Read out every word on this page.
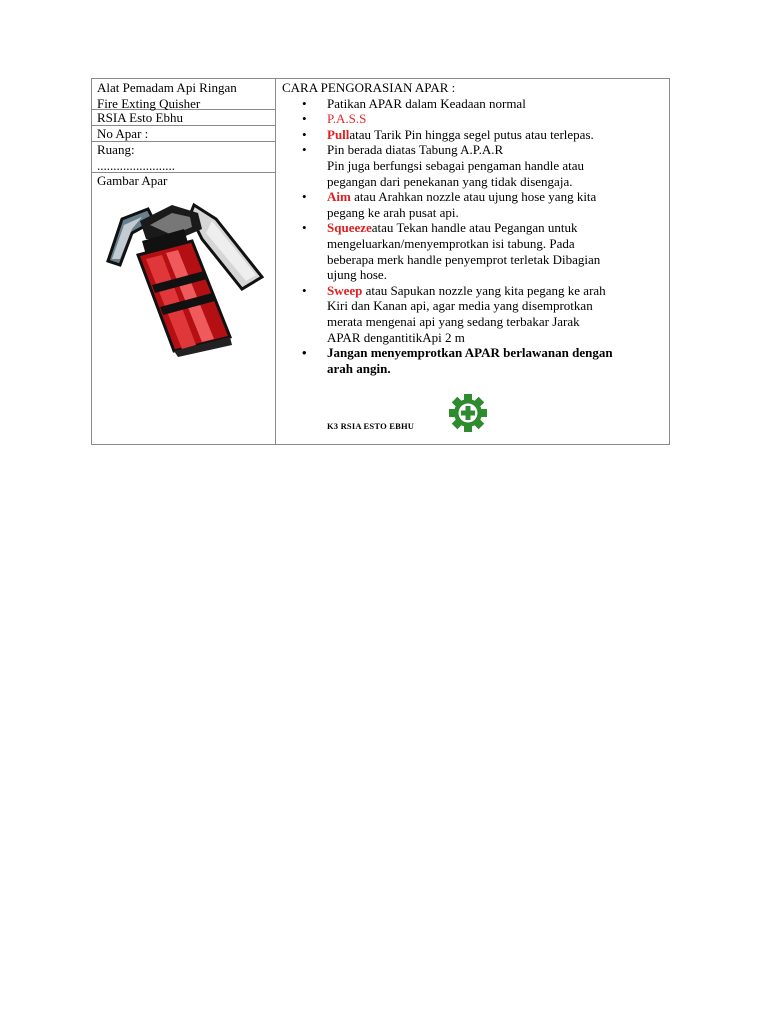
Alat Pemadam Api Ringan
Fire Exting Quisher
RSIA Esto Ebhu
No Apar :
Ruang:
........................
Gambar Apar
CARA PENGORASIAN APAR :
• Patikan APAR dalam Keadaan normal
• P.A.S.S
• Pullatau Tarik Pin hingga segel putus atau terlepas.
• Pin berada diatas Tabung A.P.A.R
Pin juga berfungsi sebagai pengaman handle atau
pegangan dari penekanan yang tidak disengaja.
• Aim atau Arahkan nozzle atau ujung hose yang kita
pegang ke arah pusat api.
• Squeezeatau Tekan handle atau Pegangan untuk
mengeluarkan/menyemprotkan isi tabung. Pada
beberapa merk handle penyemprot terletak Dibagian
ujung hose.
• Sweep atau Sapukan nozzle yang kita pegang ke arah
Kiri dan Kanan api, agar media yang disemprotkan
merata mengenai api yang sedang terbakar Jarak
APAR dengantitikApi 2 m
• Jangan menyemprotkan APAR berlawanan dengan
arah angin.
K3 RSIA ESTO EBHU
